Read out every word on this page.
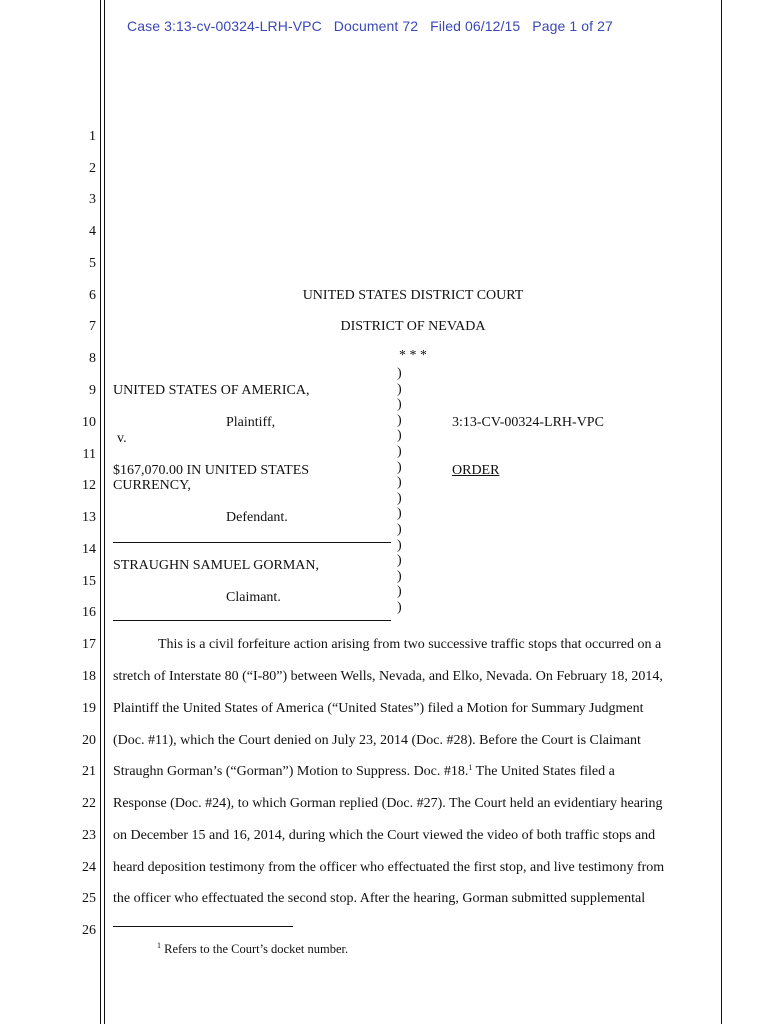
Case 3:13-cv-00324-LRH-VPC Document 72 Filed 06/12/15 Page 1 of 27
1
2
3
4
5
6
7
8
9
10
11
12
13
14
15
16
17
18
19
20
21
22
23
24
25
26
UNITED STATES DISTRICT COURT
DISTRICT OF NEVADA
* * *
UNITED STATES OF AMERICA,
Plaintiff,
v.
$167,070.00 IN UNITED STATES
CURRENCY,
Defendant.
STRAUGHN SAMUEL GORMAN,
Claimant.
)
)
)
)
)
)
)
)
)
)
)
)
)
)
)
)
3:13-CV-00324-LRH-VPC
ORDER
This is a civil forfeiture action arising from two successive traffic stops that occurred on a
stretch of Interstate 80 (“I-80”) between Wells, Nevada, and Elko, Nevada. On February 18, 2014,
Plaintiff the United States of America (“United States”) filed a Motion for Summary Judgment
(Doc. #11), which the Court denied on July 23, 2014 (Doc. #28). Before the Court is Claimant
Straughn Gorman’s (“Gorman”) Motion to Suppress. Doc. #18.$^1$ The United States filed a
Response (Doc. #24), to which Gorman replied (Doc. #27). The Court held an evidentiary hearing
on December 15 and 16, 2014, during which the Court viewed the video of both traffic stops and
heard deposition testimony from the officer who effectuated the first stop, and live testimony from
the officer who effectuated the second stop. After the hearing, Gorman submitted supplemental
$^1$ Refers to the Court’s docket number.
